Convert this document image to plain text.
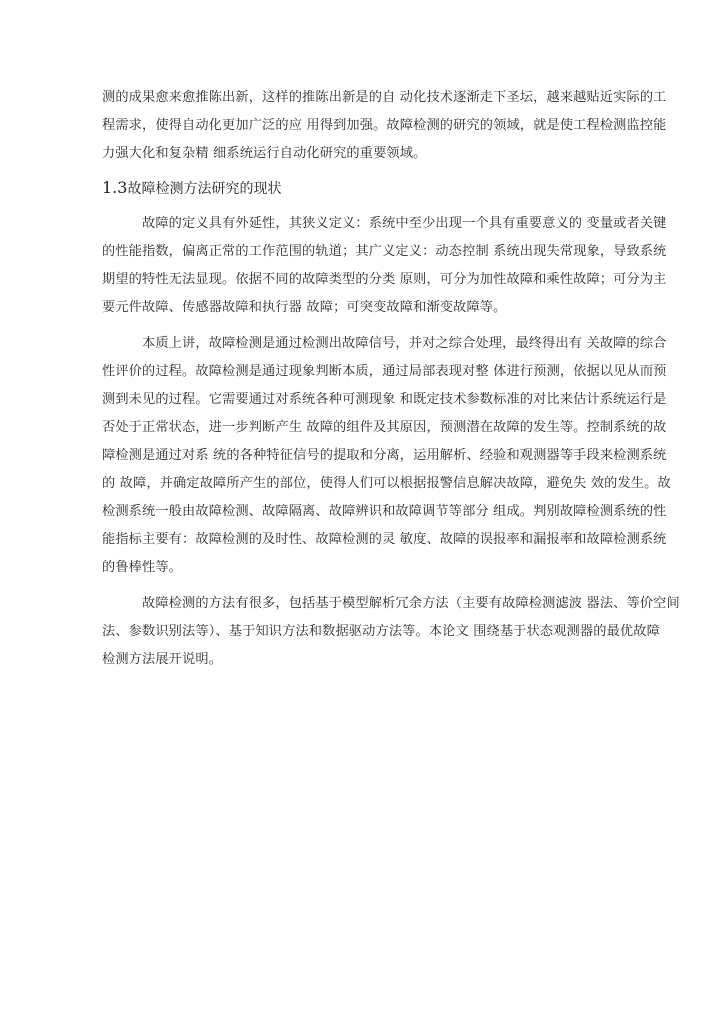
测的成果愈来愈推陈出新，这样的推陈出新是的自 动化技术逐渐走下圣坛，越来越贴近实际的工
程需求，使得自动化更加广泛的应 用得到加强。故障检测的研究的领域，就是使工程检测监控能
力强大化和复杂精 细系统运行自动化研究的重要领域。
1.3故障检测方法研究的现状
故障的定义具有外延性，其狭义定义：系统中至少出现一个具有重要意义的 变量或者关键
的性能指数，偏离正常的工作范围的轨道；其广义定义：动态控制 系统出现失常现象，导致系统
期望的特性无法显现。依据不同的故障类型的分类 原则，可分为加性故障和乘性故障；可分为主
要元件故障、传感器故障和执行器 故障；可突变故障和渐变故障等。
本质上讲，故障检测是通过检测出故障信号，并对之综合处理，最终得出有 关故障的综合
性评价的过程。故障检测是通过现象判断本质，通过局部表现对整 体进行预测，依据以见从而预
测到未见的过程。它需要通过对系统各种可测现象 和既定技术参数标准的对比来估计系统运行是
否处于正常状态，进一步判断产生 故障的组件及其原因，预测潜在故障的发生等。控制系统的故
障检测是通过对系 统的各种特征信号的提取和分离，运用解析、经验和观测器等手段来检测系统
的 故障，并确定故障所产生的部位，使得人们可以根据报警信息解决故障，避免失 效的发生。故
检测系统一般由故障检测、故障隔离、故障辨识和故障调节等部分 组成。判别故障检测系统的性
能指标主要有：故障检测的及时性、故障检测的灵 敏度、故障的误报率和漏报率和故障检测系统
的鲁棒性等。
故障检测的方法有很多，包括基于模型解析冗余方法（主要有故障检测滤波 器法、等价空间
法、参数识别法等）、基于知识方法和数据驱动方法等。本论文 围绕基于状态观测器的最优故障
检测方法展开说明。
